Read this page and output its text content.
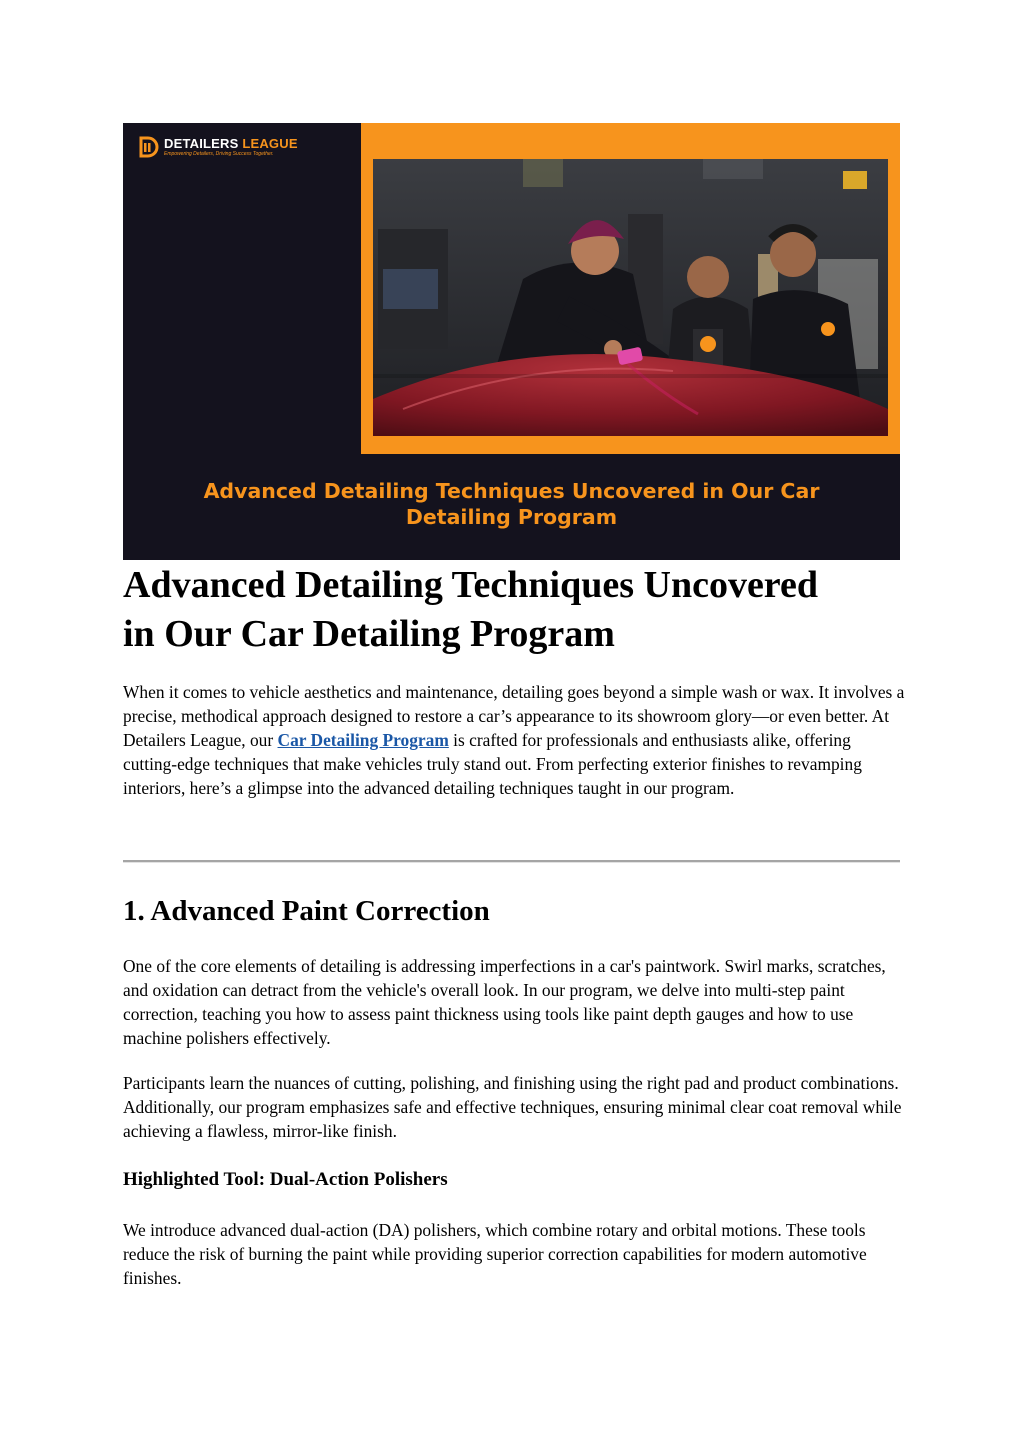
DETAILERS LEAGUE
Empowering Detailers, Driving Success Together.
Advanced Detailing Techniques Uncovered in Our Car
Detailing Program
Advanced Detailing Techniques Uncovered
in Our Car Detailing Program

When it comes to vehicle aesthetics and maintenance, detailing goes beyond a simple wash or wax. It involves a precise, methodical approach designed to restore a car’s appearance to its showroom glory—or even better. At Detailers League, our Car Detailing Program is crafted for professionals and enthusiasts alike, offering cutting-edge techniques that make vehicles truly stand out. From perfecting exterior finishes to revamping interiors, here’s a glimpse into the advanced detailing techniques taught in our program.

1. Advanced Paint Correction

One of the core elements of detailing is addressing imperfections in a car's paintwork. Swirl marks, scratches, and oxidation can detract from the vehicle's overall look. In our program, we delve into multi-step paint correction, teaching you how to assess paint thickness using tools like paint depth gauges and how to use machine polishers effectively.

Participants learn the nuances of cutting, polishing, and finishing using the right pad and product combinations. Additionally, our program emphasizes safe and effective techniques, ensuring minimal clear coat removal while achieving a flawless, mirror-like finish.

Highlighted Tool: Dual-Action Polishers

We introduce advanced dual-action (DA) polishers, which combine rotary and orbital motions. These tools reduce the risk of burning the paint while providing superior correction capabilities for modern automotive finishes.
